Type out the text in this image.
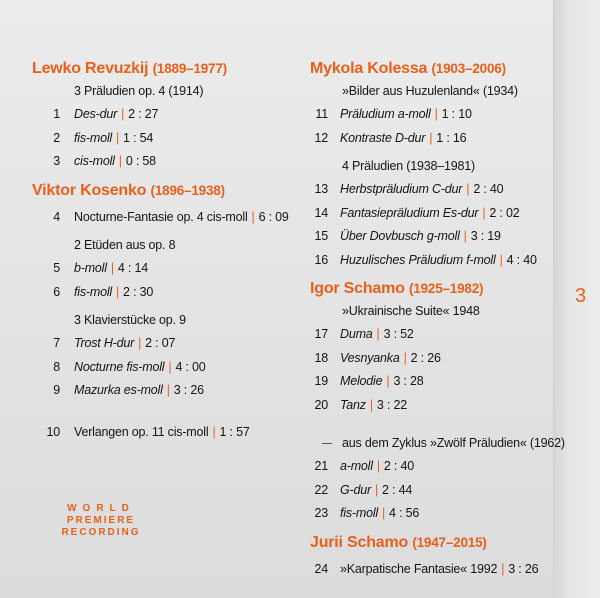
3
Lewko Revuzkij (1889–1977)
3 Präludien op. 4 (1914)
1	Des-dur | 2 : 27
2	fis-moll | 1 : 54
3	cis-moll | 0 : 58
Viktor Kosenko (1896–1938)
4	Nocturne-Fantasie op. 4 cis-moll | 6 : 09
2 Etüden aus op. 8
5	b-moll | 4 : 14
6	fis-moll | 2 : 30
3 Klavierstücke op. 9
7	Trost H-dur | 2 : 07
8	Nocturne fis-moll | 4 : 00
9	Mazurka es-moll | 3 : 26
10	Verlangen op. 11 cis-moll | 1 : 57
Mykola Kolessa (1903–2006)
»Bilder aus Huzulenland« (1934)
11 Präludium a-moll | 1 : 10
12 Kontraste D-dur | 1 : 16
4 Präludien (1938–1981)
13 Herbstpräludium C-dur | 2 : 40
14 Fantasiepräludium Es-dur | 2 : 02
15 Über Dovbusch g-moll | 3 : 19
16 Huzulisches Präludium f-moll | 4 : 40
Igor Schamo (1925–1982)
»Ukrainische Suite« 1948
17 Duma | 3 : 52
18 Vesnyanka | 2 : 26
19 Melodie | 3 : 28
20 Tanz | 3 : 22
aus dem Zyklus »Zwölf Präludien« (1962)
21 a-moll | 2 : 40
22 G-dur | 2 : 44
23 fis-moll | 4 : 56
Jurii Schamo (1947–2015)
24 »Karpatische Fantasie« 1992 | 3 : 26
WORLD
PREMIERE
RECORDING
